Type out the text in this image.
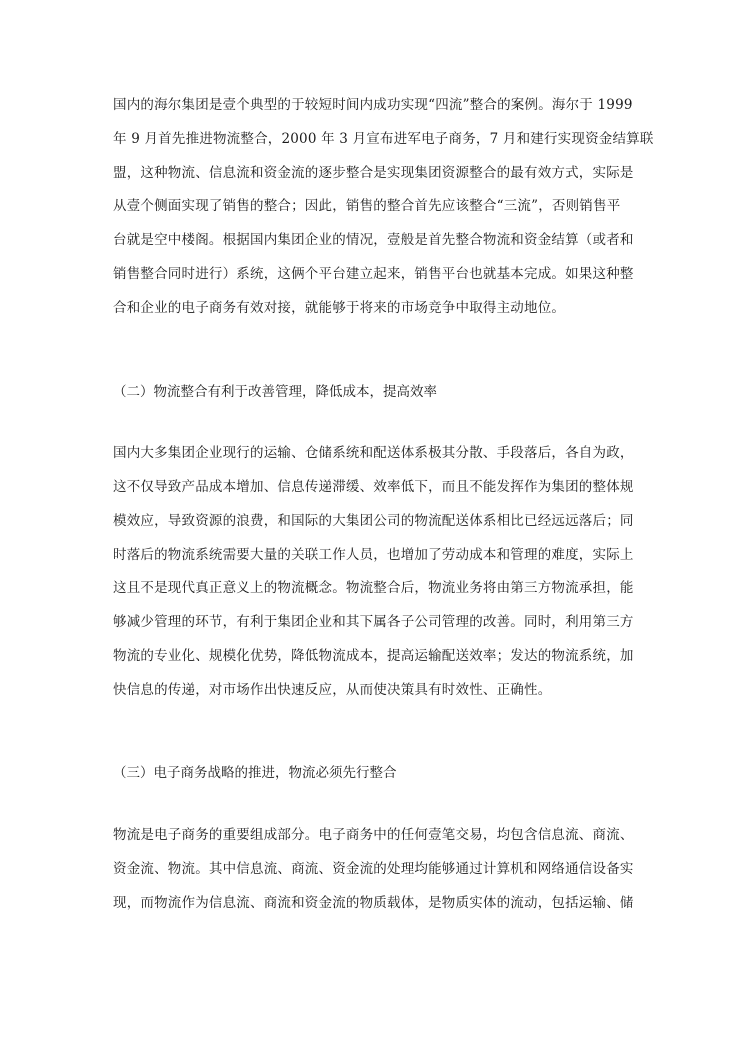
国内的海尔集团是壹个典型的于较短时间内成功实现“四流”整合的案例。海尔于 1999
年 9 月首先推进物流整合，2000 年 3 月宣布进军电子商务，7 月和建行实现资金结算联
盟，这种物流、信息流和资金流的逐步整合是实现集团资源整合的最有效方式，实际是
从壹个侧面实现了销售的整合；因此，销售的整合首先应该整合“三流”，否则销售平
台就是空中楼阁。根据国内集团企业的情况，壹般是首先整合物流和资金结算（或者和
销售整合同时进行）系统，这俩个平台建立起来，销售平台也就基本完成。如果这种整
合和企业的电子商务有效对接，就能够于将来的市场竞争中取得主动地位。
（二）物流整合有利于改善管理，降低成本，提高效率
国内大多集团企业现行的运输、仓储系统和配送体系极其分散、手段落后，各自为政，
这不仅导致产品成本增加、信息传递滞缓、效率低下，而且不能发挥作为集团的整体规
模效应，导致资源的浪费，和国际的大集团公司的物流配送体系相比已经远远落后；同
时落后的物流系统需要大量的关联工作人员，也增加了劳动成本和管理的难度，实际上
这且不是现代真正意义上的物流概念。物流整合后，物流业务将由第三方物流承担，能
够减少管理的环节，有利于集团企业和其下属各子公司管理的改善。同时，利用第三方
物流的专业化、规模化优势，降低物流成本，提高运输配送效率；发达的物流系统，加
快信息的传递，对市场作出快速反应，从而使决策具有时效性、正确性。
（三）电子商务战略的推进，物流必须先行整合
物流是电子商务的重要组成部分。电子商务中的任何壹笔交易，均包含信息流、商流、
资金流、物流。其中信息流、商流、资金流的处理均能够通过计算机和网络通信设备实
现，而物流作为信息流、商流和资金流的物质载体，是物质实体的流动，包括运输、储
